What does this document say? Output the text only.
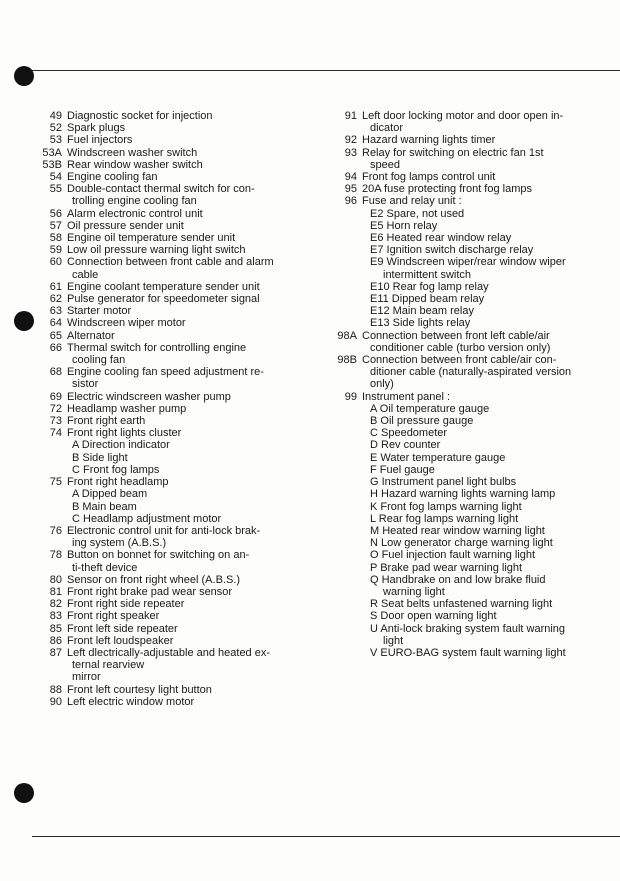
49 Diagnostic socket for injection
52 Spark plugs
53 Fuel injectors
53A Windscreen washer switch
53B Rear window washer switch
54 Engine cooling fan
55 Double-contact thermal switch for con-
trolling engine cooling fan
56 Alarm electronic control unit
57 Oil pressure sender unit
58 Engine oil temperature sender unit
59 Low oil pressure warning light switch
60 Connection between front cable and alarm
cable
61 Engine coolant temperature sender unit
62 Pulse generator for speedometer signal
63 Starter motor
64 Windscreen wiper motor
65 Alternator
66 Thermal switch for controlling engine
cooling fan
68 Engine cooling fan speed adjustment re-
sistor
69 Electric windscreen washer pump
72 Headlamp washer pump
73 Front right earth
74 Front right lights cluster
A Direction indicator
B Side light
C Front fog lamps
75 Front right headlamp
A Dipped beam
B Main beam
C Headlamp adjustment motor
76 Electronic control unit for anti-lock brak-
ing system (A.B.S.)
78 Button on bonnet for switching on an-
ti-theft device
80 Sensor on front right wheel (A.B.S.)
81 Front right brake pad wear sensor
82 Front right side repeater
83 Front right speaker
85 Front left side repeater
86 Front left loudspeaker
87 Left dlectrically-adjustable and heated ex-
ternal rearview
mirror
88 Front left courtesy light button
90 Left electric window motor
91 Left door locking motor and door open in-
dicator
92 Hazard warning lights timer
93 Relay for switching on electric fan 1st
speed
94 Front fog lamps control unit
95 20A fuse protecting front fog lamps
96 Fuse and relay unit :
E2 Spare, not used
E5 Horn relay
E6 Heated rear window relay
E7 Ignition switch discharge relay
E9 Windscreen wiper/rear window wiper
intermittent switch
E10 Rear fog lamp relay
E11 Dipped beam relay
E12 Main beam relay
E13 Side lights relay
98A Connection between front left cable/air
conditioner cable (turbo version only)
98B Connection between front cable/air con-
ditioner cable (naturally-aspirated version
only)
99 Instrument panel :
A Oil temperature gauge
B Oil pressure gauge
C Speedometer
D Rev counter
E Water temperature gauge
F Fuel gauge
G Instrument panel light bulbs
H Hazard warning lights warning lamp
K Front fog lamps warning light
L Rear fog lamps warning light
M Heated rear window warning light
N Low generator charge warning light
O Fuel injection fault warning light
P Brake pad wear warning light
Q Handbrake on and low brake fluid
warning light
R Seat belts unfastened warning light
S Door open warning light
U Anti-lock braking system fault warning
light
V EURO-BAG system fault warning light
